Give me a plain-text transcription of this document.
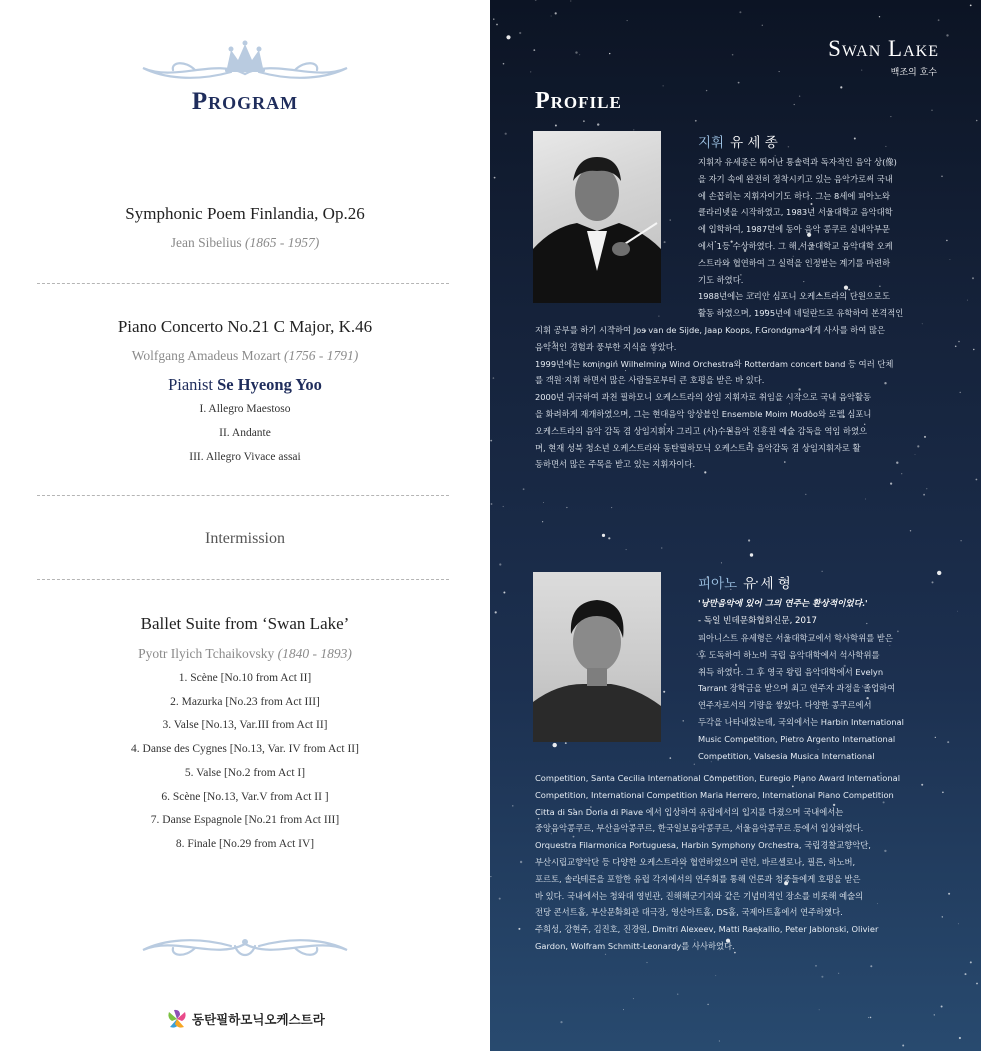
Program
Symphonic Poem Finlandia, Op.26
Jean Sibelius (1865 - 1957)
Piano Concerto No.21 C Major, K.46
Wolfgang Amadeus Mozart (1756 - 1791)
Pianist Se Hyeong Yoo
I. Allegro Maestoso
II. Andante
III. Allegro Vivace assai
Intermission
Ballet Suite from ‘Swan Lake’
Pyotr Ilyich Tchaikovsky (1840 - 1893)
1. Scène [No.10 from Act II]
2. Mazurka [No.23 from Act III]
3. Valse [No.13, Var.III from Act II]
4. Danse des Cygnes [No.13, Var. IV from Act II]
5. Valse [No.2 from Act I]
6. Scène [No.13, Var.V from Act II ]
7. Danse Espagnole [No.21 from Act III]
8. Finale [No.29 from Act IV]
동탄필하모닉오케스트라
Swan Lake
백조의 호수
Profile
지휘 유 세 종
지휘자 유세종은 뛰어난 통솔력과 독자적인 음악 상(像)
을 자기 속에 완전히 정착시키고 있는 음악가로써 국내
에 손꼽히는 지휘자이기도 하다. 그는 8세에 피아노와
클라리넷을 시작하였고, 1983년 서울대학교 음악대학
에 입학하여, 1987년에 동아 음악 콩쿠르 실내악부문
에서 1등 수상하였다. 그 해 서울대학교 음악대학 오케
스트라와 협연하여 그 실력을 인정받는 계기를 마련하
기도 하였다.
1988년에는 코리안 심포니 오케스트라의 단원으로도
활동 하였으며, 1995년에 네덜란드로 유학하여 본격적인
지휘 공부를 하기 시작하여 Jos van de Sijde, Jaap Koops, F.Grondgma에게 사사를 하여 많은
음악적인 경험과 풍부한 지식을 쌓았다.
1999년에는 koningin Wilhelmina Wind Orchestra와 Rotterdam concert band 등 여러 단체
를 객원 지휘 하면서 많은 사람들로부터 큰 호평을 받은 바 있다.
2000년 귀국하여 과천 필하모니 오케스트라의 상임 지휘자로 취임을 시작으로 국내 음악활동
을 화려하게 재개하였으며, 그는 현대음악 앙상블인 Ensemble Moim Modoo와 로렐 심포니
오케스트라의 음악 감독 겸 상임지휘자 그리고 (사)수원음악 진흥원 예술 감독을 역임 하였으
며, 현재 성북 청소년 오케스트라와 동탄필하모닉 오케스트라 음악감독 겸 상임지휘자로 활
동하면서 많은 주목을 받고 있는 지휘자이다.
피아노 유 세 형
'낭만음악에 있어 그의 연주는 환상적이었다.'
- 독일 빈데문화협회신문, 2017
피아니스트 유세형은 서울대학교에서 학사학위를 받은
후 도독하여 하노버 국립 음악대학에서 석사학위를
취득 하였다. 그 후 영국 왕립 음악대학에서 Evelyn
Tarrant 장학금을 받으며 최고 연주자 과정을 졸업하여
연주자로서의 기량을 쌓았다. 다양한 콩쿠르에서
두각을 나타내었는데, 국외에서는 Harbin International
Music Competition, Pietro Argento International
Competition, Valsesia Musica International
Competition, Santa Cecilia International Competition, Euregio Piano Award International
Competition, International Competition Maria Herrero, International Piano Competition
Citta di San Doria di Piave 에서 입상하여 유럽에서의 입지를 다졌으며 국내에서는
중앙음악콩쿠르, 부산음악콩쿠르, 한국일보음악콩쿠르, 서울음악콩쿠르 등에서 입상하였다.
Orquestra Filarmonica Portuguesa, Harbin Symphony Orchestra, 국립경찰교향악단,
부산시립교향악단 등 다양한 오케스트라와 협연하였으며 런던, 바르셀로나, 필른, 하노버,
포르토, 솔라테른을 포함한 유럽 각지에서의 연주회를 통해 언론과 청중들에게 호평을 받은
바 있다. 국내에서는 청와대 영빈관, 진해해군기지와 같은 기념비적인 장소를 비롯해 예술의
전당 콘서트홀, 부산문화회관 대극장, 영산아트홀, DS홀, 국제아트홀에서 연주하였다.
주희성, 강현주, 김진호, 진경원, Dmitri Alexeev, Matti Raekallio, Peter Jablonski, Olivier
Gardon, Wolfram Schmitt-Leonardy를 사사하였다.
